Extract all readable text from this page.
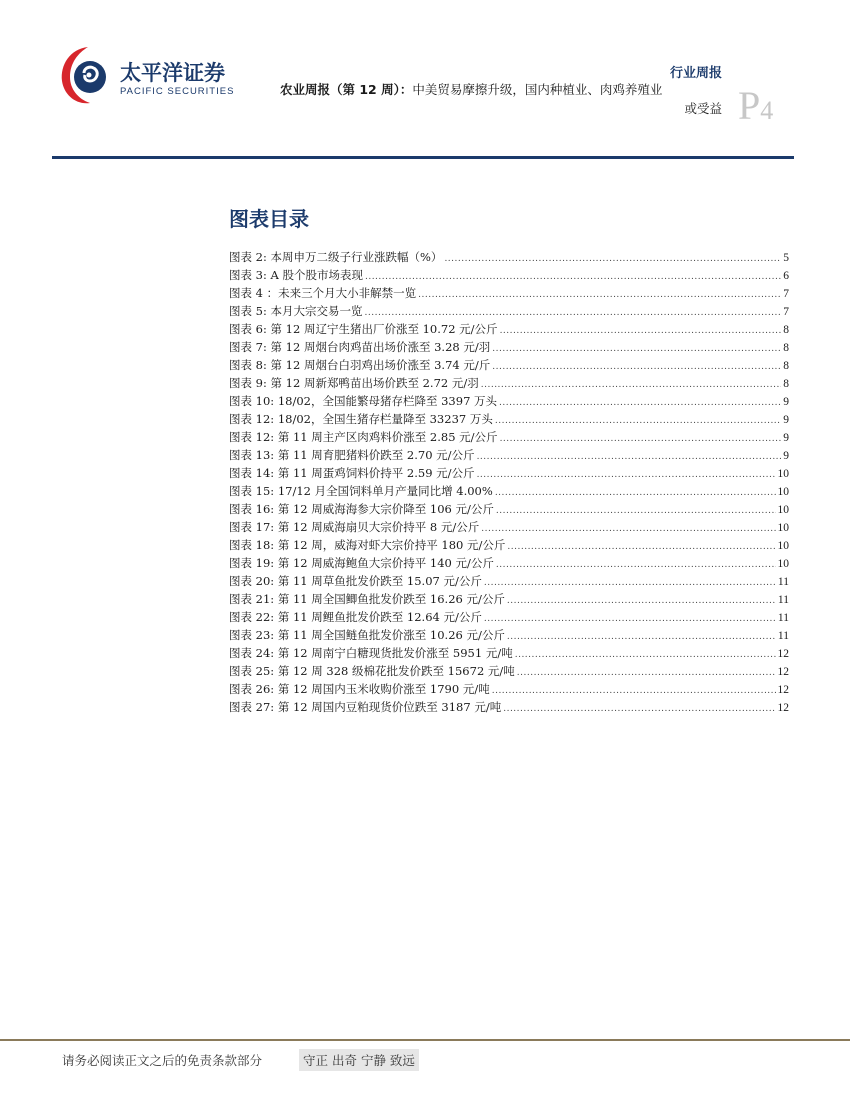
太平洋证券
PACIFIC SECURITIES
行业周报
农业周报（第 12 周）：中美贸易摩擦升级，国内种植业、肉鸡养殖业
或受益 P4
图表目录
图表 2: 本周申万二级子行业涨跌幅（%） .....	5
图表 3: A 股个股市场表现 .....	6
图表 4 ：未来三个月大小非解禁一览 .....	7
图表 5: 本月大宗交易一览 .....	7
图表 6: 第 12 周辽宁生猪出厂价涨至 10.72 元/公斤 .....	8
图表 7: 第 12 周烟台肉鸡苗出场价涨至 3.28 元/羽 .....	8
图表 8: 第 12 周烟台白羽鸡出场价涨至 3.74 元/斤 .....	8
图表 9: 第 12 周新郑鸭苗出场价跌至 2.72 元/羽 .....	8
图表 10: 18/02，全国能繁母猪存栏降至 3397 万头 .....	9
图表 12: 18/02，全国生猪存栏量降至 33237 万头 .....	9
图表 12: 第 11 周主产区肉鸡料价涨至 2.85 元/公斤 .....	9
图表 13: 第 11 周育肥猪料价跌至 2.70 元/公斤 .....	9
图表 14: 第 11 周蛋鸡饲料价持平 2.59 元/公斤 .....	10
图表 15: 17/12 月全国饲料单月产量同比增 4.00% .....	10
图表 16: 第 12 周威海海参大宗价降至 106 元/公斤 .....	10
图表 17: 第 12 周威海扇贝大宗价持平 8 元/公斤 .....	10
图表 18: 第 12 周，威海对虾大宗价持平 180 元/公斤 .....	10
图表 19: 第 12 周威海鲍鱼大宗价持平 140 元/公斤 .....	10
图表 20: 第 11 周草鱼批发价跌至 15.07 元/公斤 .....	11
图表 21: 第 11 周全国鲫鱼批发价跌至 16.26 元/公斤 .....	11
图表 22: 第 11 周鲤鱼批发价跌至 12.64 元/公斤 .....	11
图表 23: 第 11 周全国鲢鱼批发价涨至 10.26 元/公斤 .....	11
图表 24: 第 12 周南宁白糖现货批发价涨至 5951 元/吨 .....	12
图表 25: 第 12 周 328 级棉花批发价跌至 15672 元/吨 .....	12
图表 26: 第 12 周国内玉米收购价涨至 1790 元/吨 .....	12
图表 27: 第 12 周国内豆粕现货价位跌至 3187 元/吨 .....	12
请务必阅读正文之后的免责条款部分	守正 出奇 宁静 致远
